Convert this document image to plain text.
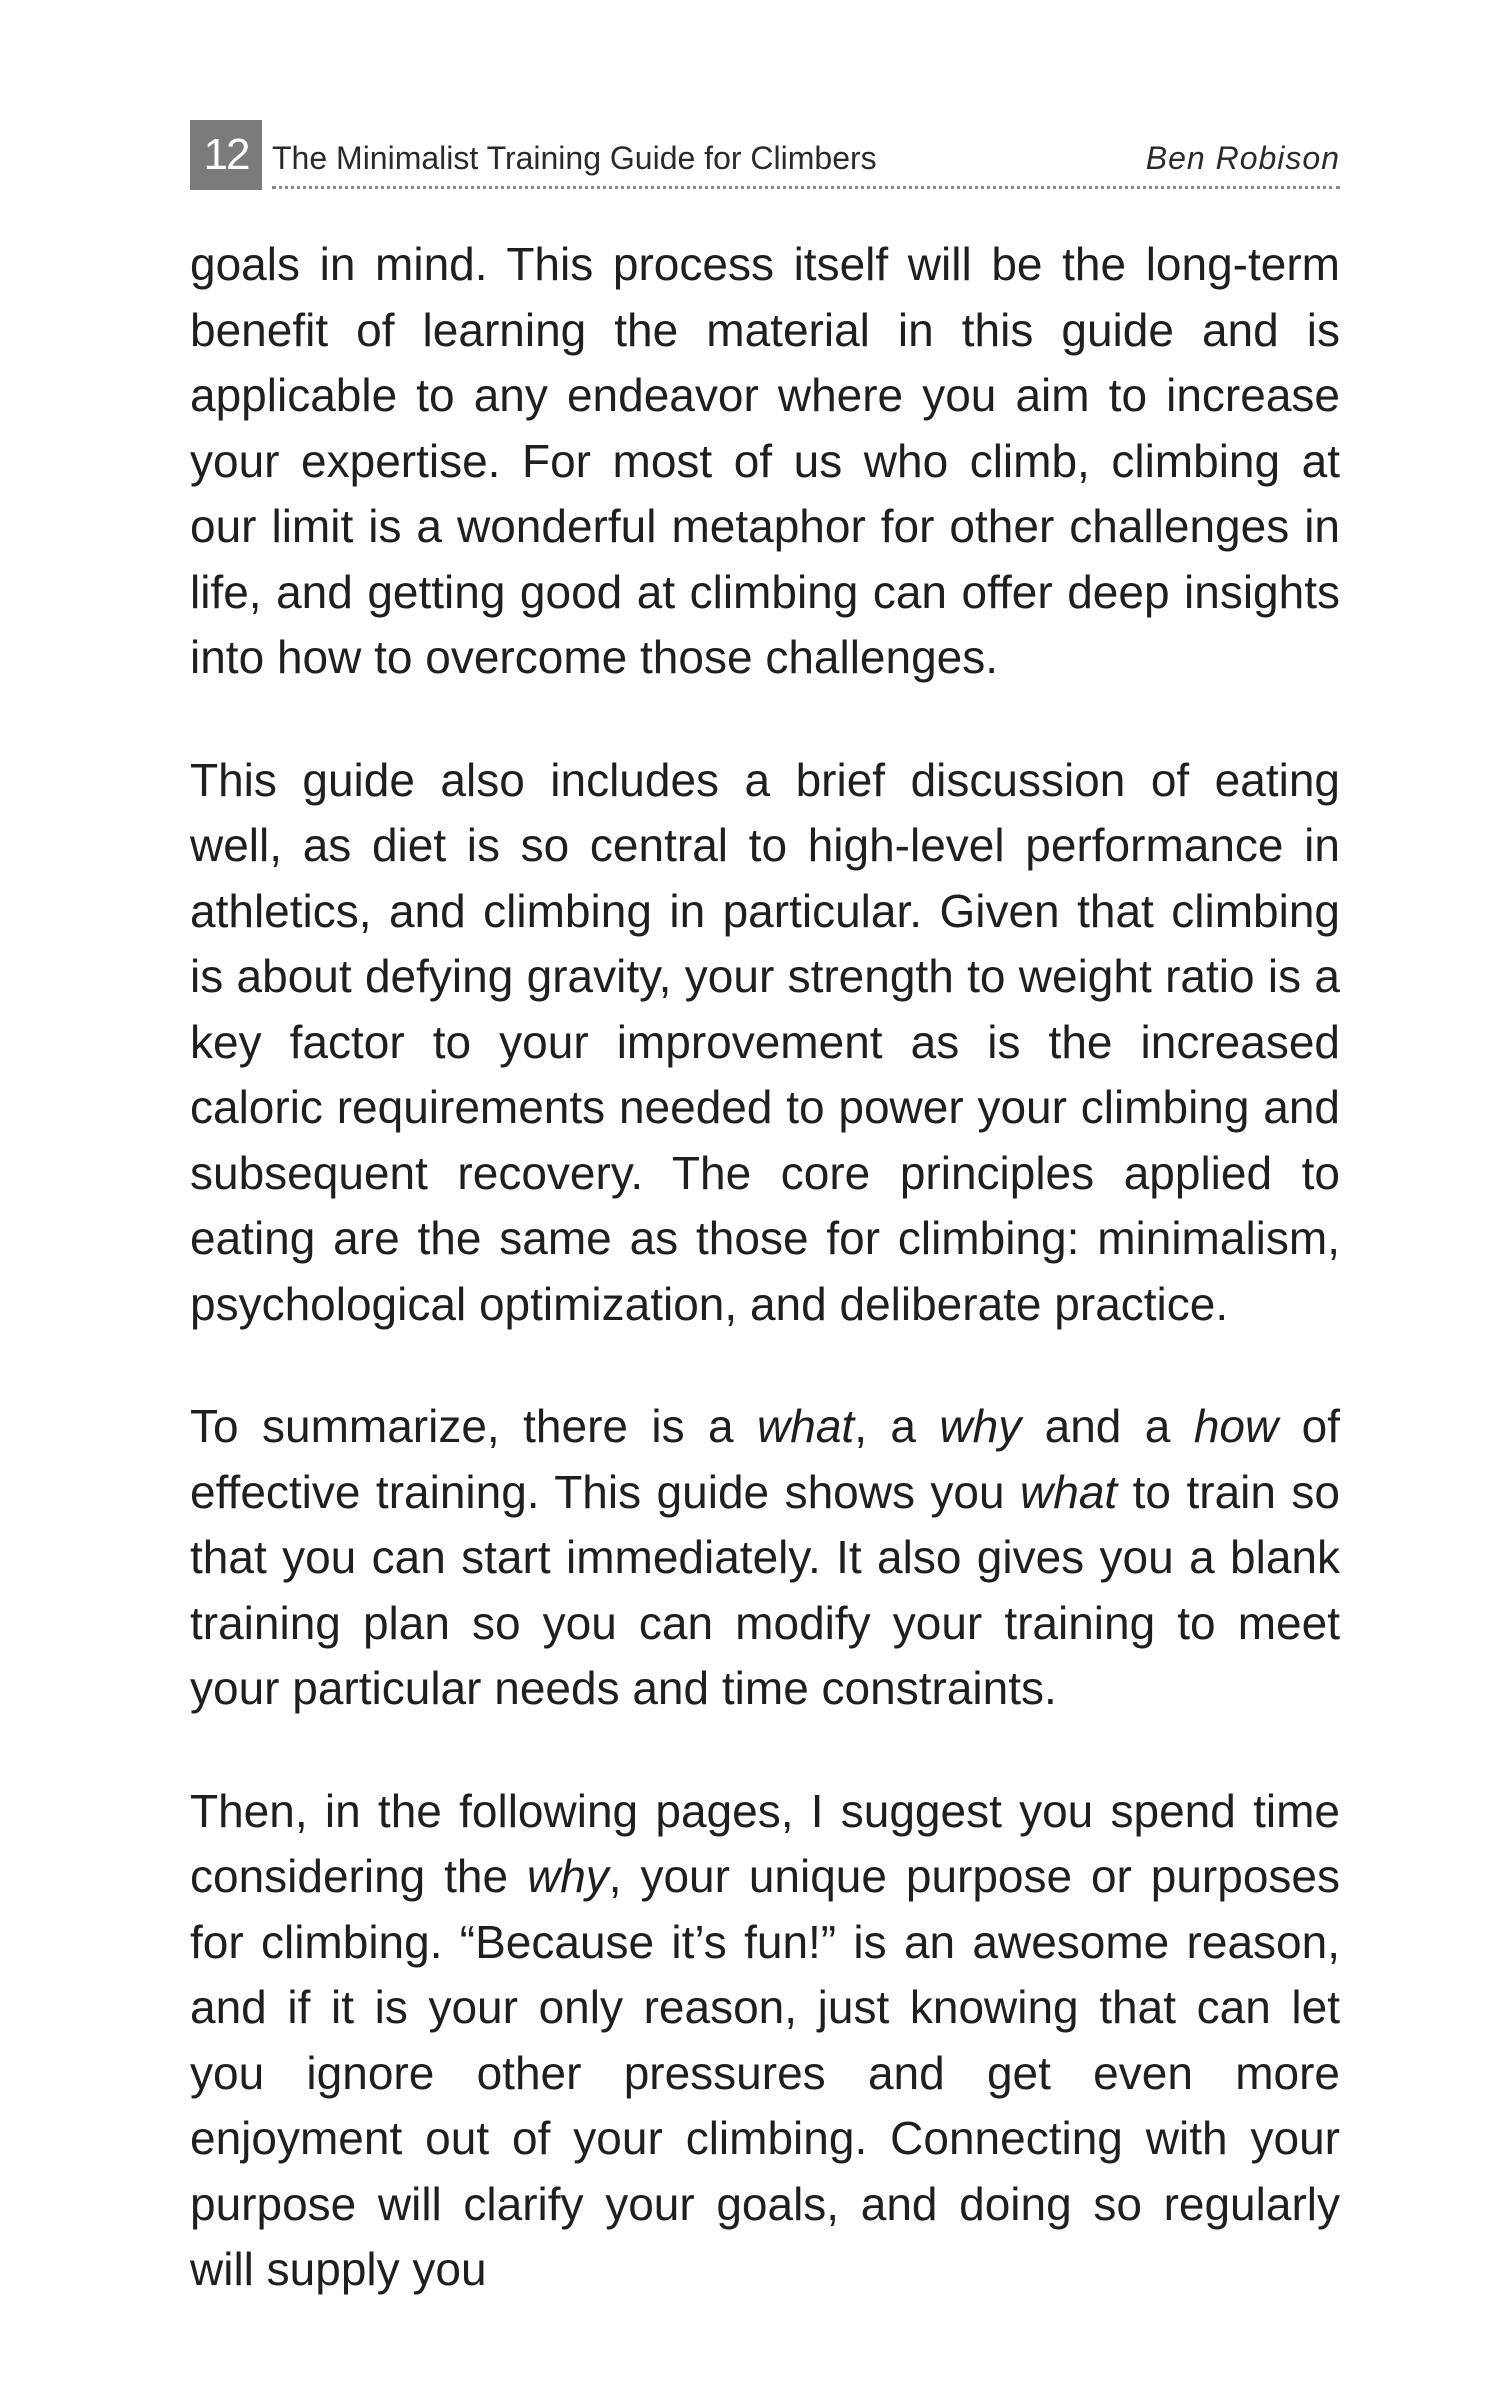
12 The Minimalist Training Guide for Climbers	Ben Robison

goals in mind. This process itself will be the long-term benefit of learning the material in this guide and is applicable to any endeavor where you aim to increase your expertise. For most of us who climb, climbing at our limit is a wonderful metaphor for other challenges in life, and getting good at climbing can offer deep insights into how to overcome those challenges.

This guide also includes a brief discussion of eating well, as diet is so central to high-level performance in athletics, and climbing in particular. Given that climbing is about defying gravity, your strength to weight ratio is a key factor to your improvement as is the increased caloric requirements needed to power your climbing and subsequent recovery. The core principles applied to eating are the same as those for climbing: minimalism, psychological optimization, and deliberate practice.

To summarize, there is a what, a why and a how of effective training. This guide shows you what to train so that you can start immediately. It also gives you a blank training plan so you can modify your training to meet your particular needs and time constraints.

Then, in the following pages, I suggest you spend time considering the why, your unique purpose or purposes for climbing. “Because it’s fun!” is an awesome reason, and if it is your only reason, just knowing that can let you ignore other pressures and get even more enjoyment out of your climbing. Connecting with your purpose will clarify your goals, and doing so regularly will supply you
